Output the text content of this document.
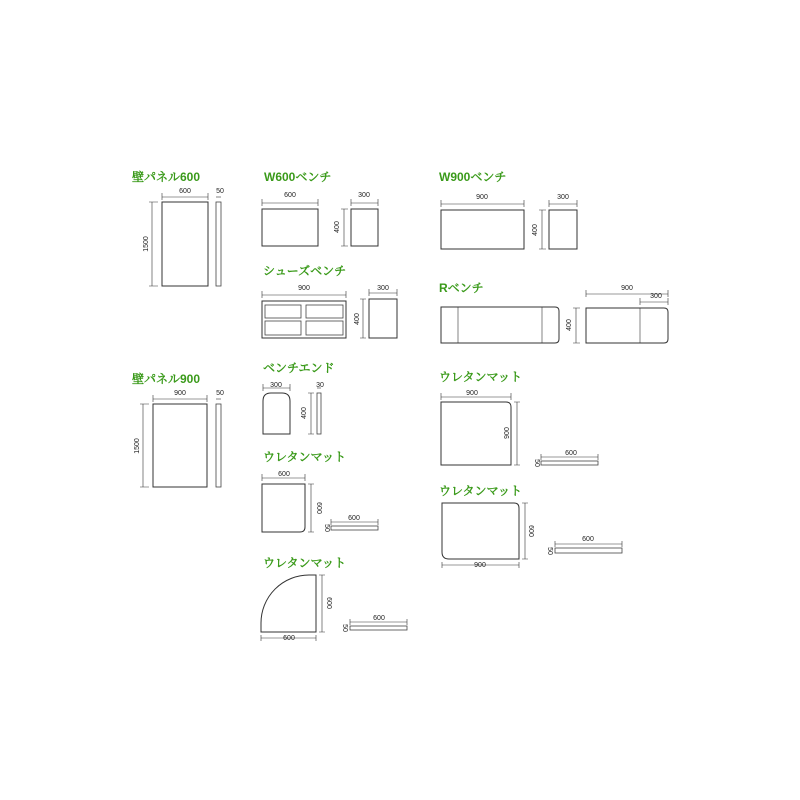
壁パネル600
600	50
1500
壁パネル900
900	50
1500
W600ベンチ
600	300
400
W900ベンチ
900	300
400
シューズベンチ
900	300
400
Rベンチ	900
300
400
ベンチエンド
300	30
400
ウレタンマット
600
600
600
50
ウレタンマット
600
600
600
50
ウレタンマット
900
900
600
50
ウレタンマット
900
600
600
50
